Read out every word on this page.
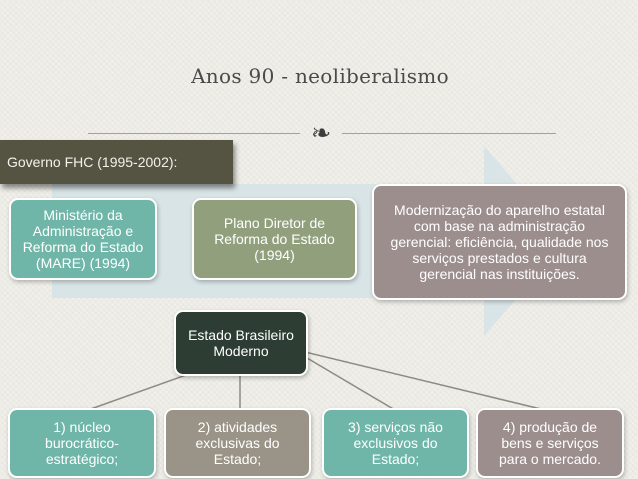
Anos 90 - neoliberalismo
❧
Governo FHC (1995-2002):
Ministério da Administração e Reforma do Estado (MARE) (1994)
Plano Diretor de Reforma do Estado (1994)
Modernização do aparelho estatal com base na administração gerencial: eficiência, qualidade nos serviços prestados e cultura gerencial nas instituições.
Estado Brasileiro Moderno
1) núcleo burocrático-estratégico;
2) atividades exclusivas do Estado;
3) serviços não exclusivos do Estado;
4) produção de bens e serviços para o mercado.
